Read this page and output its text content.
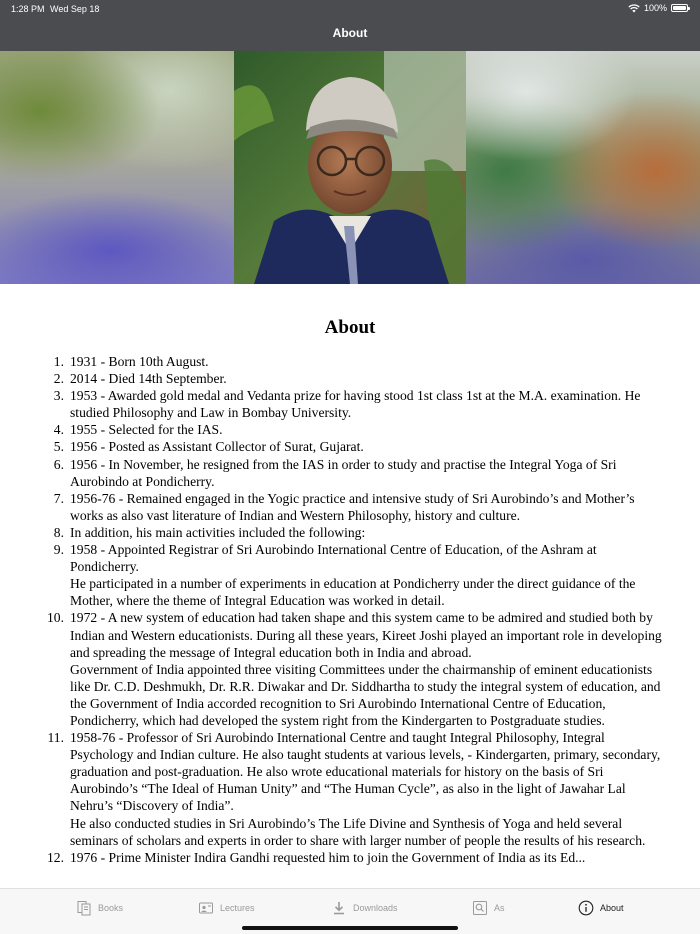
1:28 PM Wed Sep 18	100%
About
About
1. 1931 - Born 10th August.
2. 2014 - Died 14th September.
3. 1953 - Awarded gold medal and Vedanta prize for having stood 1st class 1st at the M.A. examination. He studied Philosophy and Law in Bombay University.
4. 1955 - Selected for the IAS.
5. 1956 - Posted as Assistant Collector of Surat, Gujarat.
6. 1956 - In November, he resigned from the IAS in order to study and practise the Integral Yoga of Sri Aurobindo at Pondicherry.
7. 1956-76 - Remained engaged in the Yogic practice and intensive study of Sri Aurobindo’s and Mother’s works as also vast literature of Indian and Western Philosophy, history and culture.
8. In addition, his main activities included the following:
9. 1958 - Appointed Registrar of Sri Aurobindo International Centre of Education, of the Ashram at Pondicherry.
He participated in a number of experiments in education at Pondicherry under the direct guidance of the Mother, where the theme of Integral Education was worked in detail.
10. 1972 - A new system of education had taken shape and this system came to be admired and studied both by Indian and Western educationists. During all these years, Kireet Joshi played an important role in developing and spreading the message of Integral education both in India and abroad.
Government of India appointed three visiting Committees under the chairmanship of eminent educationists like Dr. C.D. Deshmukh, Dr. R.R. Diwakar and Dr. Siddhartha to study the integral system of education, and the Government of India accorded recognition to Sri Aurobindo International Centre of Education, Pondicherry, which had developed the system right from the Kindergarten to Postgraduate studies.
11. 1958-76 - Professor of Sri Aurobindo International Centre and taught Integral Philosophy, Integral Psychology and Indian culture. He also taught students at various levels, - Kindergarten, primary, secondary, graduation and post-graduation. He also wrote educational materials for history on the basis of Sri Aurobindo’s “The Ideal of Human Unity” and “The Human Cycle”, as also in the light of Jawahar Lal Nehru’s “Discovery of India”.
He also conducted studies in Sri Aurobindo’s The Life Divine and Synthesis of Yoga and held several seminars of scholars and experts in order to share with larger number of people the results of his research.
12. 1976 - Prime Minister Indira Gandhi requested him to join the Government of India as its Ed...
Books	Lectures	Downloads	As	About
